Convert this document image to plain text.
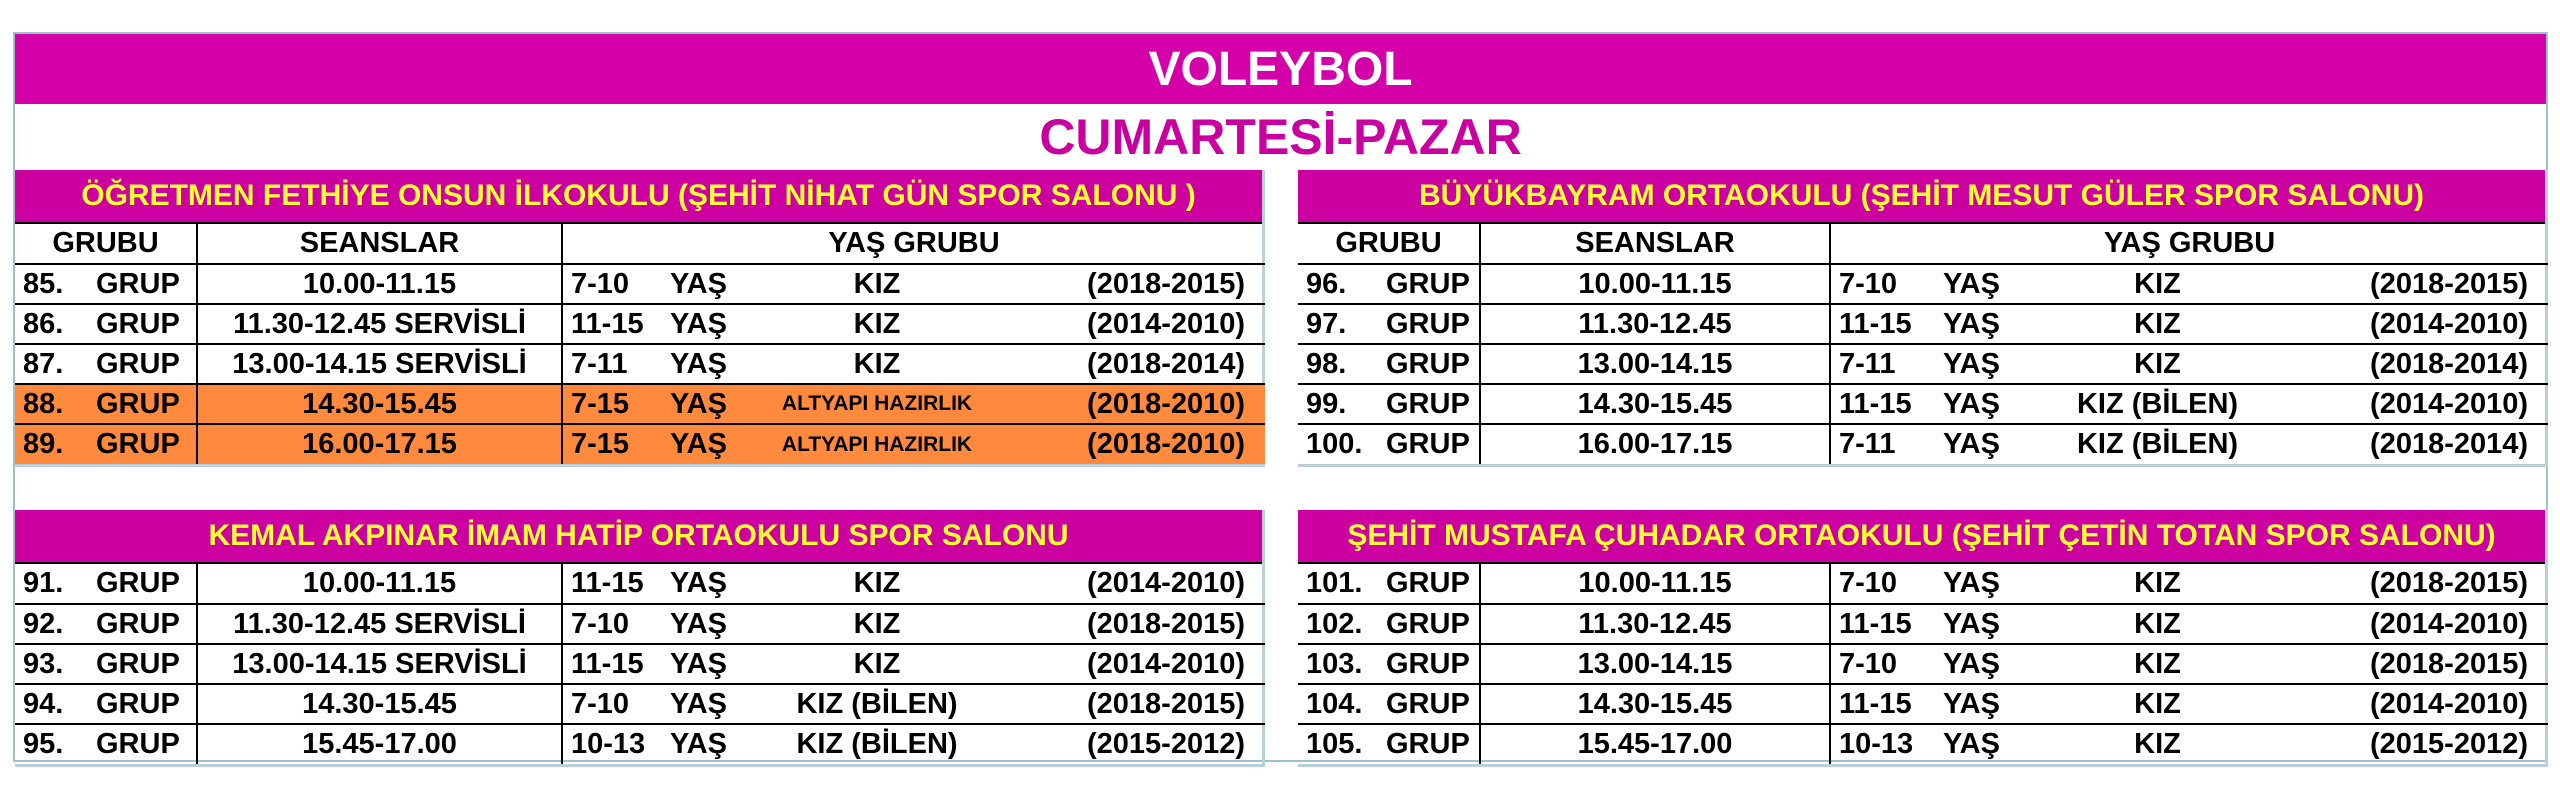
VOLEYBOL
CUMARTESİ-PAZAR
ÖĞRETMEN FETHİYE ONSUN İLKOKULU (ŞEHİT NİHAT GÜN SPOR SALONU )
GRUBU		SEANSLAR	YAŞ GRUBU			
85.	GRUP	10.00-11.15	7-10	YAŞ	KIZ	(2018-2015)
86.	GRUP	11.30-12.45 SERVİSLİ	11-15	YAŞ	KIZ	(2014-2010)
87.	GRUP	13.00-14.15 SERVİSLİ	7-11	YAŞ	KIZ	(2018-2014)
88.	GRUP	14.30-15.45	7-15	YAŞ	ALTYAPI HAZIRLIK	(2018-2010)
89.	GRUP	16.00-17.15	7-15	YAŞ	ALTYAPI HAZIRLIK	(2018-2010)
BÜYÜKBAYRAM ORTAOKULU (ŞEHİT MESUT GÜLER SPOR SALONU)
GRUBU		SEANSLAR	YAŞ GRUBU			
96.	GRUP	10.00-11.15	7-10	YAŞ	KIZ	(2018-2015)
97.	GRUP	11.30-12.45	11-15	YAŞ	KIZ	(2014-2010)
98.	GRUP	13.00-14.15	7-11	YAŞ	KIZ	(2018-2014)
99.	GRUP	14.30-15.45	11-15	YAŞ	KIZ (BİLEN)	(2014-2010)
100.	GRUP	16.00-17.15	7-11	YAŞ	KIZ (BİLEN)	(2018-2014)
KEMAL AKPINAR İMAM HATİP ORTAOKULU SPOR SALONU
91.	GRUP	10.00-11.15	11-15	YAŞ	KIZ	(2014-2010)
92.	GRUP	11.30-12.45 SERVİSLİ	7-10	YAŞ	KIZ	(2018-2015)
93.	GRUP	13.00-14.15 SERVİSLİ	11-15	YAŞ	KIZ	(2014-2010)
94.	GRUP	14.30-15.45	7-10	YAŞ	KIZ (BİLEN)	(2018-2015)
95.	GRUP	15.45-17.00	10-13	YAŞ	KIZ (BİLEN)	(2015-2012)
ŞEHİT MUSTAFA ÇUHADAR ORTAOKULU (ŞEHİT ÇETİN TOTAN SPOR SALONU)
101.	GRUP	10.00-11.15	7-10	YAŞ	KIZ	(2018-2015)
102.	GRUP	11.30-12.45	11-15	YAŞ	KIZ	(2014-2010)
103.	GRUP	13.00-14.15	7-10	YAŞ	KIZ	(2018-2015)
104.	GRUP	14.30-15.45	11-15	YAŞ	KIZ	(2014-2010)
105.	GRUP	15.45-17.00	10-13	YAŞ	KIZ	(2015-2012)
